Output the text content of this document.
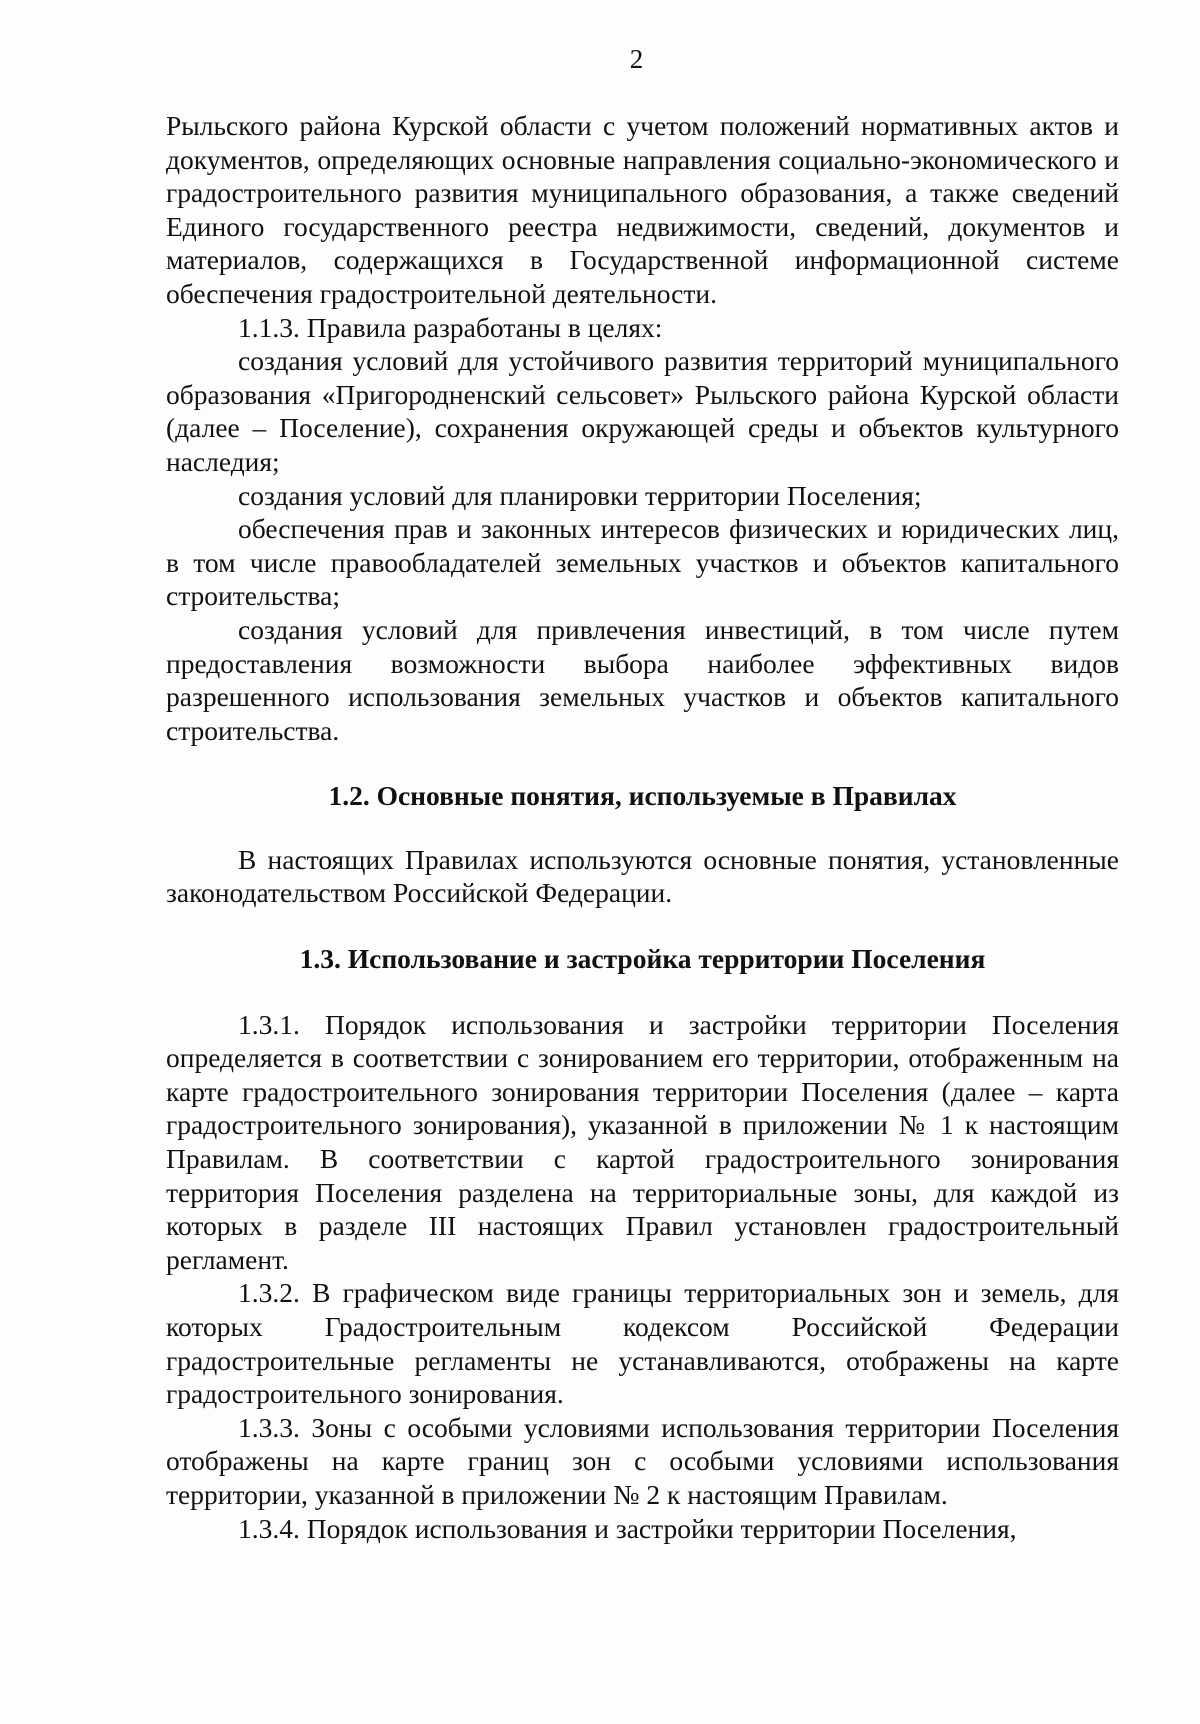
2

Рыльского района Курской области с учетом положений нормативных актов и документов, определяющих основные направления социально-экономического и градостроительного развития муниципального образования, а также сведений Единого государственного реестра недвижимости, сведений, документов и материалов, содержащихся в Государственной информационной системе обеспечения градостроительной деятельности.

1.1.3. Правила разработаны в целях:

создания условий для устойчивого развития территорий муниципального образования «Пригородненский сельсовет» Рыльского района Курской области (далее – Поселение), сохранения окружающей среды и объектов культурного наследия;

создания условий для планировки территории Поселения;

обеспечения прав и законных интересов физических и юридических лиц, в том числе правообладателей земельных участков и объектов капитального строительства;

создания условий для привлечения инвестиций, в том числе путем предоставления возможности выбора наиболее эффективных видов разрешенного использования земельных участков и объектов капитального строительства.

1.2. Основные понятия, используемые в Правилах

В настоящих Правилах используются основные понятия, установленные законодательством Российской Федерации.

1.3. Использование и застройка территории Поселения

1.3.1. Порядок использования и застройки территории Поселения определяется в соответствии с зонированием его территории, отображенным на карте градостроительного зонирования территории Поселения (далее – карта градостроительного зонирования), указанной в приложении № 1 к настоящим Правилам. В соответствии с картой градостроительного зонирования территория Поселения разделена на территориальные зоны, для каждой из которых в разделе III настоящих Правил установлен градостроительный регламент.

1.3.2. В графическом виде границы территориальных зон и земель, для которых Градостроительным кодексом Российской Федерации градостроительные регламенты не устанавливаются, отображены на карте градостроительного зонирования.

1.3.3. Зоны с особыми условиями использования территории Поселения отображены на карте границ зон с особыми условиями использования территории, указанной в приложении № 2 к настоящим Правилам.

1.3.4. Порядок использования и застройки территории Поселения,
